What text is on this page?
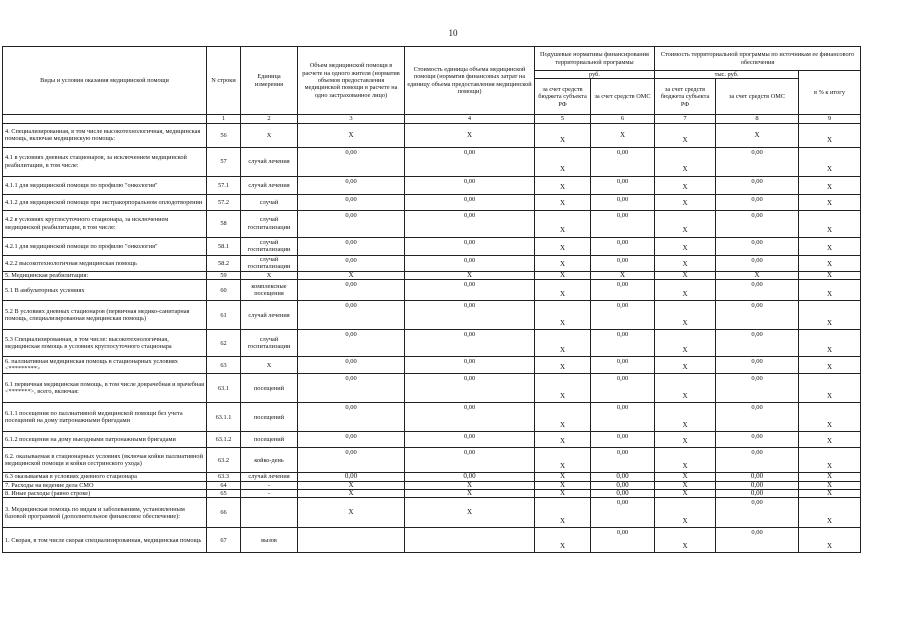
10
Виды и условия оказания медицинской помощи	N строки	Единица измерения	Объем медицинской помощи в расчете на одного жителя (норматив объемов предоставления медицинской помощи в расчете на одно застрахованное лицо)	Стоимость единицы объема медицинской помощи (норматив финансовых затрат на единицу объема предоставления медицинской помощи)	Подушевые нормативы финансирования территориальной программы		Стоимость территориальной программы по источникам ее финансового обеспечения		
					руб.		тыс. руб.		в % к итогу
					за счет средств бюджета субъекта РФ	за счет средств ОМС	за счет средств бюджета субъекта РФ	за счет средств ОМС	
	1	2	3	4	5	6	7	8	9
4. Специализированная, в том числе высокотехнологичная, медицинская помощь, включая медицинскую помощь:	56	Х	Х	Х	Х	Х	Х	Х	Х

4.1 в условиях дневных стационаров, за исключением медицинской реабилитации, в том числе:	57	случай лечения	0,00	0,00	Х	0,00	Х	0,00	Х

4.1.1 для медицинской помощи по профилю "онкология"	57.1	случай лечения	0,00	0,00	Х	0,00	Х	0,00	Х

4.1.2 для медицинской помощи при экстракорпоральном оплодотворении	57.2	случай	0,00	0,00	Х	0,00	Х	0,00	Х

4.2 в условиях круглосуточного стационара, за исключением медицинской реабилитации, в том числе:	58	случай госпитализации	0,00	0,00	Х	0,00	Х	0,00	Х

4.2.1 для медицинской помощи по профилю "онкология"	58.1	случай госпитализации	0,00	0,00	Х	0,00	Х	0,00	Х

4.2.2 высокотехнологичная медицинская помощь	58.2	случай госпитализации	0,00	0,00	Х	0,00	Х	0,00	Х

5. Медицинская реабилитация:	59	Х	Х	Х	Х	Х	Х	Х	Х

5.1 В амбулаторных условиях	60	комплексные посещения	0,00	0,00	Х	0,00	Х	0,00	Х

5.2 В условиях дневных стационаров (первичная медико-санитарная помощь, специализированная медицинская помощь)	61	случай лечения	0,00	0,00	Х	0,00	Х	0,00	Х

5.3 Специализированная, в том числе: высокотехнологичная, медицинская помощь в условиях круглосуточного стационара	62	случай госпитализации	0,00	0,00	Х	0,00	Х	0,00	Х

6. паллиативная медицинская помощь в стационарных условиях <*********>	63	Х	0,00	0,00	Х	0,00	Х	0,00	Х

6.1 первичная медицинская помощь, в том числе доврачебная и врачебная <*******>, всего, включая:	63.1	посещений	0,00	0,00	Х	0,00	Х	0,00	Х

6.1.1 посещения по паллиативной медицинской помощи без учета посещений на дому патронажными бригадами	63.1.1	посещений	0,00	0,00	Х	0,00	Х	0,00	Х

6.1.2 посещения на дому выездными патронажными бригадами	63.1.2	посещений	0,00	0,00	Х	0,00	Х	0,00	Х

6.2. оказываемая в стационарных условиях (включая койки паллиативной медицинской помощи и койки сестринского ухода)	63.2	койко-день	0,00	0,00	Х	0,00	Х	0,00	Х

6.3 оказываемая в условиях дневного стационара	63.3	случай лечения	0,00	0,00	Х	0,00	Х	0,00	Х

7. Расходы на ведение дела СМО	64	-	Х	Х	Х	0,00	Х	0,00	Х

8. Иные расходы (равно строке)	65	-	Х	Х	Х	0,00	Х	0,00	Х

3. Медицинская помощь по видам и заболеваниям, установленным базовой программой (дополнительное финансовое обеспечение):	66		Х	Х	Х	0,00	Х	0,00	Х

1. Скорая, в том числе скорая специализированная, медицинская помощь	67	вызов			Х	0,00	Х	0,00	Х
